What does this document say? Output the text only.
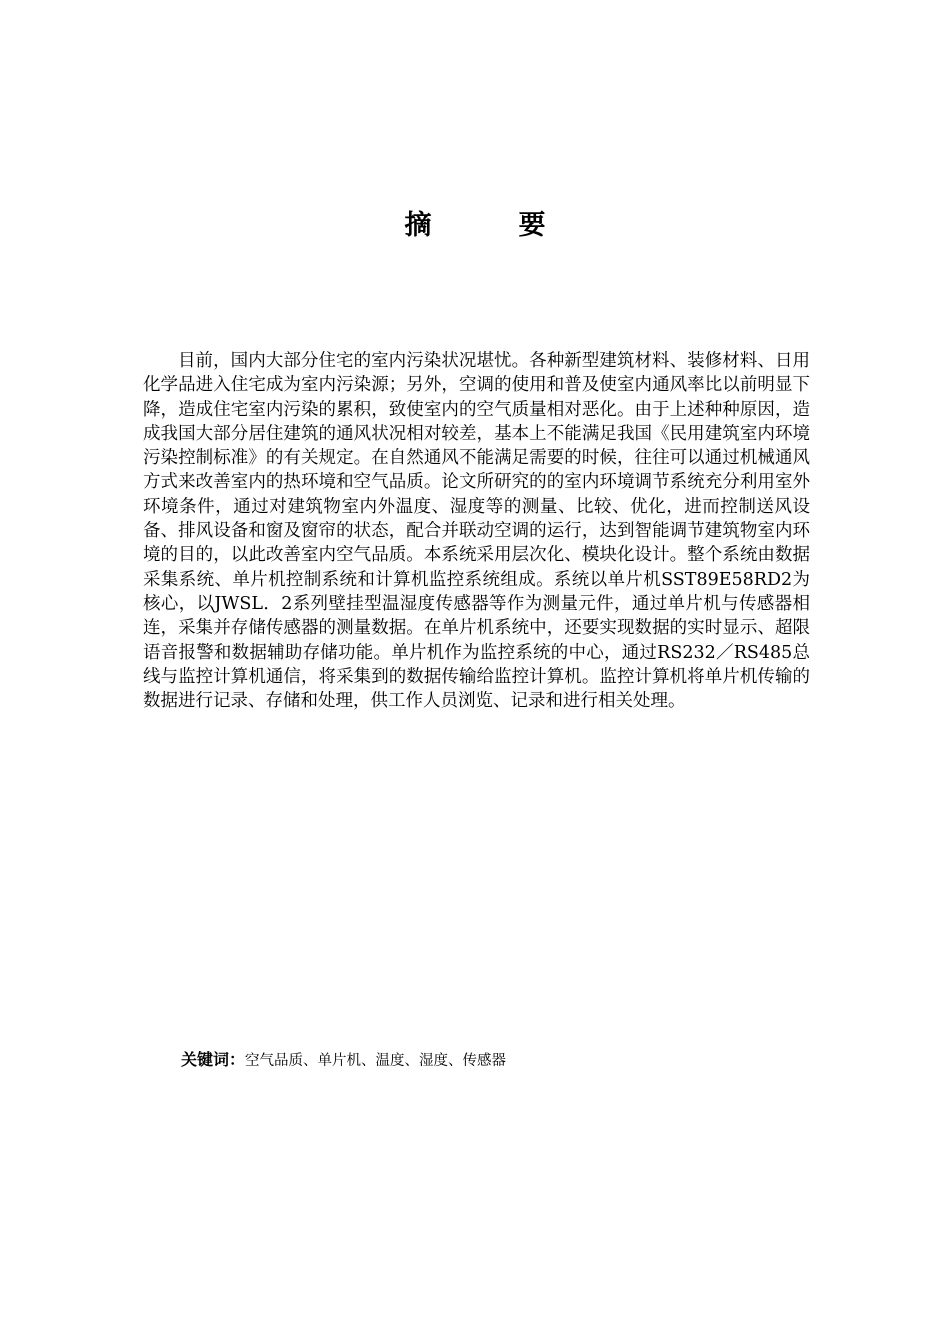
摘　要

目前，国内大部分住宅的室内污染状况堪忧。各种新型建筑材料、装修材料、日用化学品进入住宅成为室内污染源；另外，空调的使用和普及使室内通风率比以前明显下降，造成住宅室内污染的累积，致使室内的空气质量相对恶化。由于上述种种原因，造成我国大部分居住建筑的通风状况相对较差，基本上不能满足我国《民用建筑室内环境污染控制标准》的有关规定。在自然通风不能满足需要的时候，往往可以通过机械通风方式来改善室内的热环境和空气品质。论文所研究的的室内环境调节系统充分利用室外环境条件，通过对建筑物室内外温度、湿度等的测量、比较、优化，进而控制送风设备、排风设备和窗及窗帘的状态，配合并联动空调的运行，达到智能调节建筑物室内环境的目的，以此改善室内空气品质。本系统采用层次化、模块化设计。整个系统由数据采集系统、单片机控制系统和计算机监控系统组成。系统以单片机SST89E58RD2为核心，以JWSL．2系列壁挂型温湿度传感器等作为测量元件，通过单片机与传感器相连，采集并存储传感器的测量数据。在单片机系统中，还要实现数据的实时显示、超限语音报警和数据辅助存储功能。单片机作为监控系统的中心，通过RS232／RS485总线与监控计算机通信，将采集到的数据传输给监控计算机。监控计算机将单片机传输的数据进行记录、存储和处理，供工作人员浏览、记录和进行相关处理。

关键词：空气品质、单片机、温度、湿度、传感器
